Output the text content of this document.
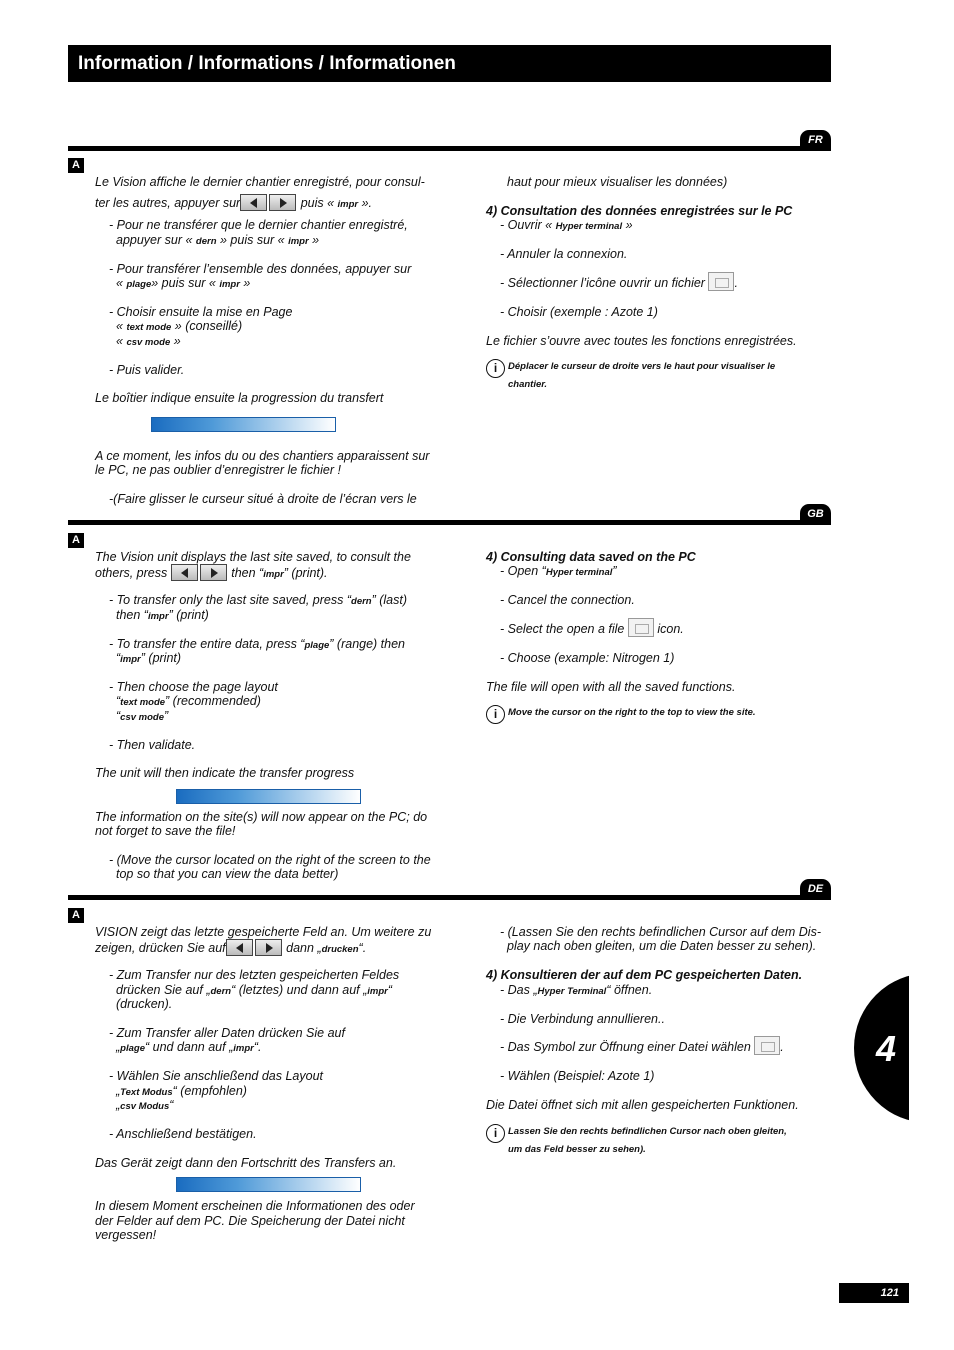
Information / Informations / Informationen
FR
A
Le Vision affiche le dernier chantier enregistré, pour consul-
ter les autres, appuyer sur	puis « impr ».
- Pour ne transférer que le dernier chantier enregistré,
appuyer sur « dern » puis sur « impr »
- Pour transférer l’ensemble des données, appuyer sur
« plage» puis sur « impr »
- Choisir ensuite la mise en Page
« text mode » (conseillé)
« csv mode »
- Puis valider.
Le boîtier indique ensuite la progression du transfert
A ce moment, les infos du ou des chantiers apparaissent sur
le PC, ne pas oublier d’enregistrer le fichier !
-(Faire glisser le curseur situé à droite de l’écran vers le
haut pour mieux visualiser les données)
4) Consultation des données enregistrées sur le PC
- Ouvrir « Hyper terminal »
- Annuler la connexion.
- Sélectionner l’icône ouvrir un fichier .
- Choisir (exemple : Azote 1)
Le fichier s’ouvre avec toutes les fonctions enregistrées.
i Déplacer le curseur de droite vers le haut pour visualiser le
chantier.
GB
A
The Vision unit displays the last site saved, to consult the
others, press	then “impr” (print).
- To transfer only the last site saved, press “dern” (last)
then “impr” (print)
- To transfer the entire data, press “plage” (range) then
“impr” (print)
- Then choose the page layout
“text mode” (recommended)
“csv mode”
- Then validate.
The unit will then indicate the transfer progress
The information on the site(s) will now appear on the PC; do
not forget to save the file!
- (Move the cursor located on the right of the screen to the
top so that you can view the data better)
4) Consulting data saved on the PC
- Open “Hyper terminal”
- Cancel the connection.
- Select the open a file  icon.
- Choose (example: Nitrogen 1)
The file will open with all the saved functions.
i Move the cursor on the right to the top to view the site.
DE
A
VISION zeigt das letzte gespeicherte Feld an. Um weitere zu
zeigen, drücken Sie auf	dann „drucken“.
- Zum Transfer nur des letzten gespeicherten Feldes
drücken Sie auf „dern“ (letztes) und dann auf „impr“
(drucken).
- Zum Transfer aller Daten drücken Sie auf
„plage“ und dann auf „impr“.
- Wählen Sie anschließend das Layout
„Text Modus“ (empfohlen)
„csv Modus“
- Anschließend bestätigen.
Das Gerät zeigt dann den Fortschritt des Transfers an.
In diesem Moment erscheinen die Informationen des oder
der Felder auf dem PC. Die Speicherung der Datei nicht
vergessen!
- (Lassen Sie den rechts befindlichen Cursor auf dem Dis-
play nach oben gleiten, um die Daten besser zu sehen).
4) Konsultieren der auf dem PC gespeicherten Daten.
- Das „Hyper Terminal“ öffnen.
- Die Verbindung annullieren..
- Das Symbol zur Öffnung einer Datei wählen .
- Wählen (Beispiel: Azote 1)
Die Datei öffnet sich mit allen gespeicherten Funktionen.
i Lassen Sie den rechts befindlichen Cursor nach oben gleiten,
um das Feld besser zu sehen).
4
121
